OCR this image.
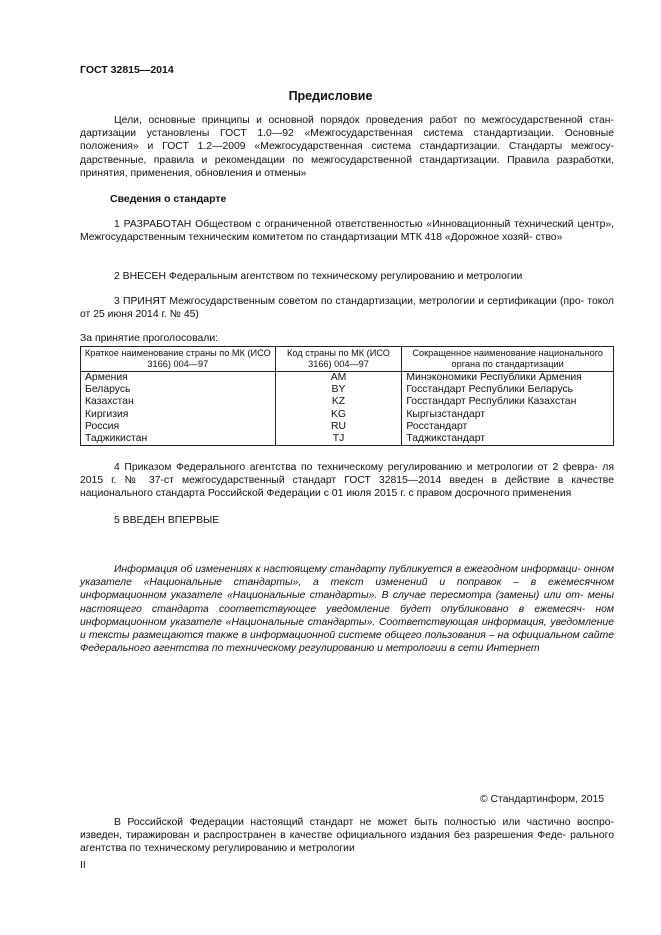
ГОСТ 32815—2014
Предисловие
Цели, основные принципы и основной порядок проведения работ по межгосударственной стан- дартизации установлены ГОСТ 1.0—92 «Межгосударственная система стандартизации. Основные положения» и ГОСТ 1.2—2009 «Межгосударственная система стандартизации. Стандарты межгосу- дарственные, правила и рекомендации по межгосударственной стандартизации. Правила разработки, принятия, применения, обновления и отмены»
Сведения о стандарте
1 РАЗРАБОТАН Обществом с ограниченной ответственностью «Инновационный технический центр», Межгосударственным техническим комитетом по стандартизации МТК 418 «Дорожное хозяй- ство»
2 ВНЕСЕН Федеральным агентством по техническому регулированию и метрологии
3 ПРИНЯТ Межгосударственным советом по стандартизации, метрологии и сертификации (про- токол от 25 июня 2014 г. № 45)
За принятие проголосовали:
Краткое наименование страны по МК (ИСО 3166) 004—97	Код страны по МК (ИСО 3166) 004—97	Сокращенное наименование национального органа по стандартизации
Армения	AM	Минэкономики Республики Армения
Беларусь	BY	Госстандарт Республики Беларусь
Казахстан	KZ	Госстандарт Республики Казахстан
Киргизия	KG	Кыргызстандарт
Россия	RU	Росстандарт
Таджикистан	TJ	Таджикстандарт
4 Приказом Федерального агентства по техническому регулированию и метрологии от 2 феврa- ля 2015 г. № 37-ст межгосударственный стандарт ГОСТ 32815—2014 введен в действие в качестве национального стандарта Российской Федерации с 01 июля 2015 г. с правом досрочного применения
5 ВВЕДЕН ВПЕРВЫЕ
Информация об изменениях к настоящему стандарту публикуется в ежегодном информаци- онном указателе «Национальные стандарты», а текст изменений и поправок – в ежемесячном информационном указателе «Национальные стандарты». В случае пересмотра (замены) или от- мены настоящего стандарта соответствующее уведомление будет опубликовано в ежемесяч- ном информационном указателе «Национальные стандарты». Соответствующая информация, уведомление и тексты размещаются также в информационной системе общего пользования – на официальном сайте Федерального агентства по техническому регулированию и метрологии в сети Интернет
© Стандартинформ, 2015
В Российской Федерации настоящий стандарт не может быть полностью или частично воспро- изведен, тиражирован и распространен в качестве официального издания без разрешения Феде- рального агентства по техническому регулированию и метрологии
II
